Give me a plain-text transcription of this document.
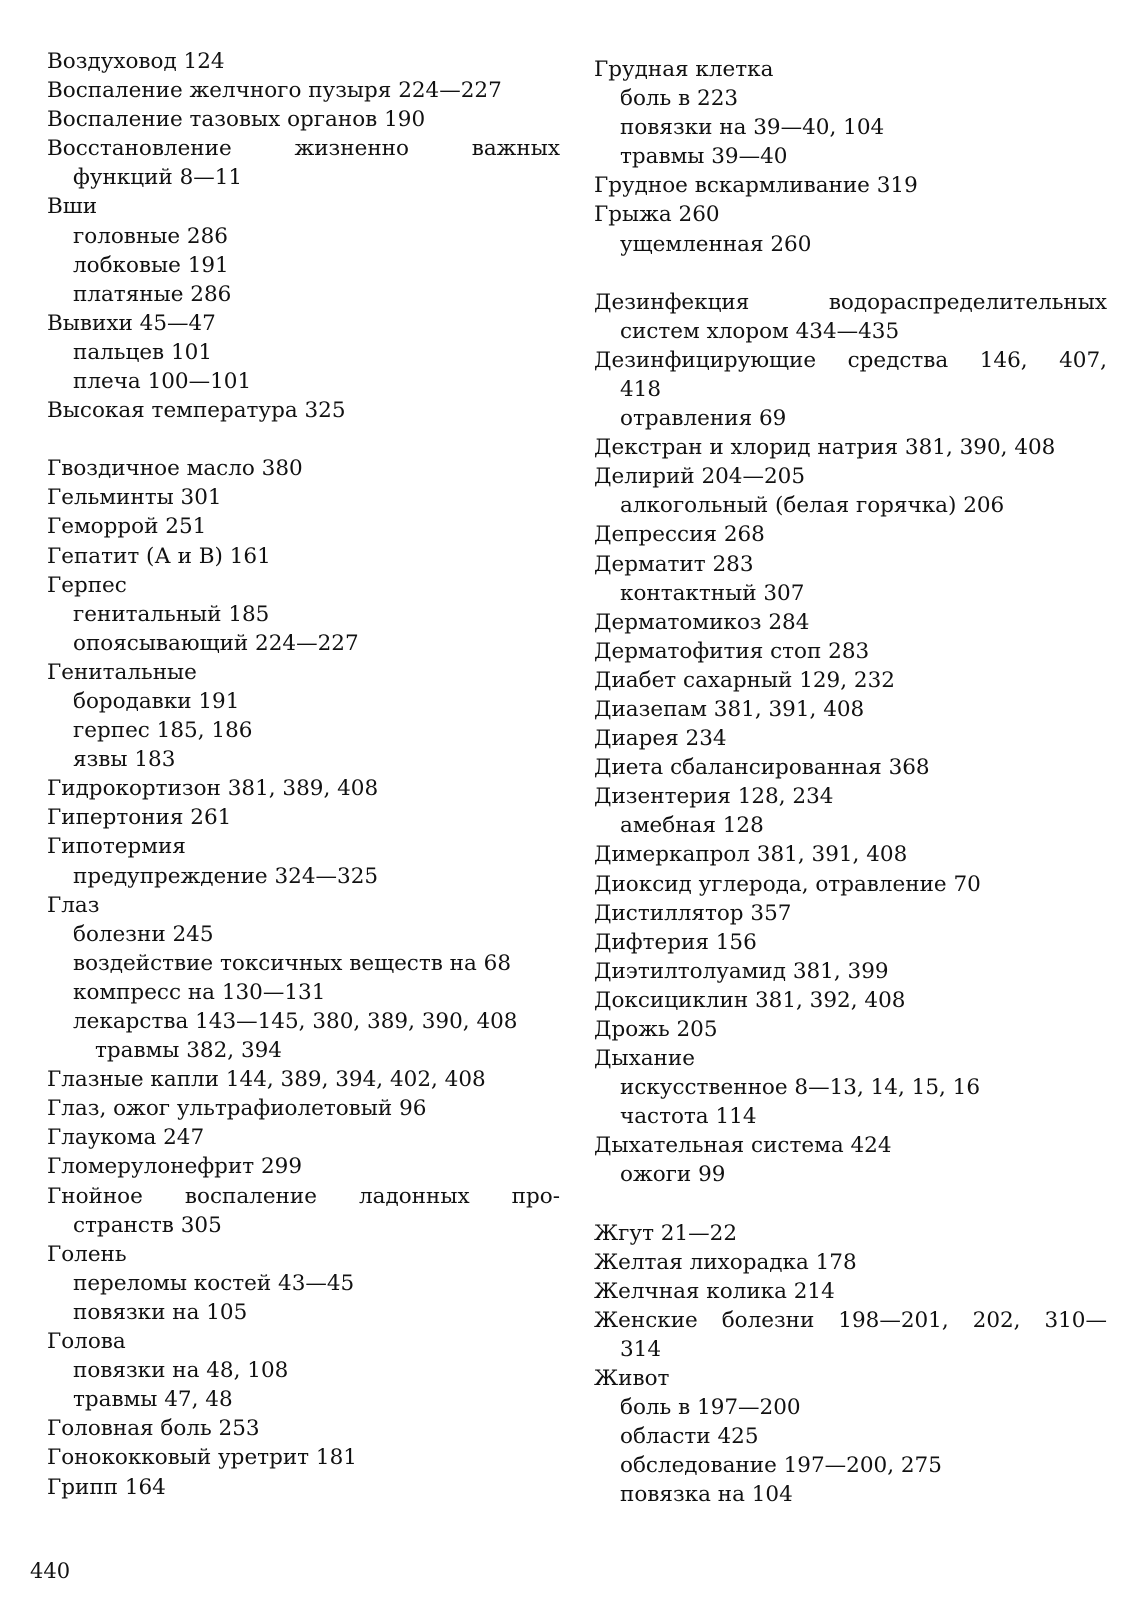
Воздуховод 124
Воспаление желчного пузыря 224—227
Воспаление тазовых органов 190
Восстановление	жизненно	важных
функций 8—11
Вши
головные 286
лобковые 191
платяные 286
Вывихи 45—47
пальцев 101
плеча 100—101
Высокая температура 325
Гвоздичное масло 380
Гельминты 301
Геморрой 251
Гепатит (А и В) 161
Герпес
генитальный 185
опоясывающий 224—227
Генитальные
бородавки 191
герпес 185, 186
язвы 183
Гидрокортизон 381, 389, 408
Гипертония 261
Гипотермия
предупреждение 324—325
Глаз
болезни 245
воздействие токсичных веществ на 68
компресс на 130—131
лекарства 143—145, 380, 389, 390, 408
травмы 382, 394
Глазные капли 144, 389, 394, 402, 408
Глаз, ожог ультрафиолетовый 96
Глаукома 247
Гломерулонефрит 299
Гнойное воспаление ладонных про-
странств 305
Голень
переломы костей 43—45
повязки на 105
Голова
повязки на 48, 108
травмы 47, 48
Головная боль 253
Гонококковый уретрит 181
Грипп 164
Грудная клетка
боль в 223
повязки на 39—40, 104
травмы 39—40
Грудное вскармливание 319
Грыжа 260
ущемленная 260
Дезинфекция	водораспределительных
систем хлором 434—435
Дезинфицирующие средства 146, 407,
418
отравления 69
Декстран и хлорид натрия 381, 390, 408
Делирий 204—205
алкогольный (белая горячка) 206
Депрессия 268
Дерматит 283
контактный 307
Дерматомикоз 284
Дерматофития стоп 283
Диабет сахарный 129, 232
Диазепам 381, 391, 408
Диарея 234
Диета сбалансированная 368
Дизентерия 128, 234
амебная 128
Димеркапрол 381, 391, 408
Диоксид углерода, отравление 70
Дистиллятор 357
Дифтерия 156
Диэтилтолуамид 381, 399
Доксициклин 381, 392, 408
Дрожь 205
Дыхание
искусственное 8—13, 14, 15, 16
частота 114
Дыхательная система 424
ожоги 99
Жгут 21—22
Желтая лихорадка 178
Желчная колика 214
Женские болезни 198—201, 202, 310—
314
Живот
боль в 197—200
области 425
обследование 197—200, 275
повязка на 104
440
